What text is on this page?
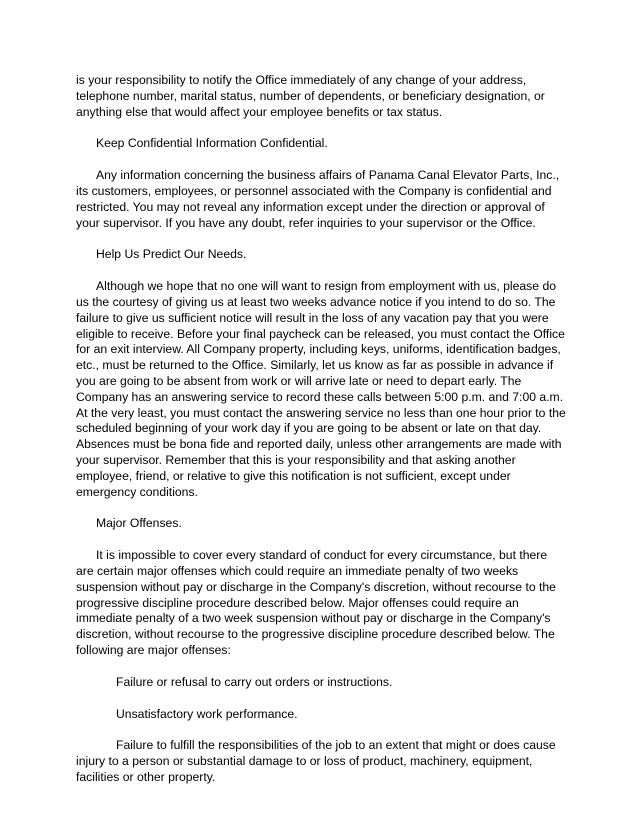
is your responsibility to notify the Office immediately of any change of your address, telephone number, marital status, number of dependents, or beneficiary designation, or anything else that would affect your employee benefits or tax status.

Keep Confidential Information Confidential.

Any information concerning the business affairs of Panama Canal Elevator Parts, Inc., its customers, employees, or personnel associated with the Company is confidential and restricted. You may not reveal any information except under the direction or approval of your supervisor. If you have any doubt, refer inquiries to your supervisor or the Office.

Help Us Predict Our Needs.

Although we hope that no one will want to resign from employment with us, please do us the courtesy of giving us at least two weeks advance notice if you intend to do so. The failure to give us sufficient notice will result in the loss of any vacation pay that you were eligible to receive. Before your final paycheck can be released, you must contact the Office for an exit interview. All Company property, including keys, uniforms, identification badges, etc., must be returned to the Office. Similarly, let us know as far as possible in advance if you are going to be absent from work or will arrive late or need to depart early. The Company has an answering service to record these calls between 5:00 p.m. and 7:00 a.m. At the very least, you must contact the answering service no less than one hour prior to the scheduled beginning of your work day if you are going to be absent or late on that day. Absences must be bona fide and reported daily, unless other arrangements are made with your supervisor. Remember that this is your responsibility and that asking another employee, friend, or relative to give this notification is not sufficient, except under emergency conditions.

Major Offenses.

It is impossible to cover every standard of conduct for every circumstance, but there are certain major offenses which could require an immediate penalty of two weeks suspension without pay or discharge in the Company's discretion, without recourse to the progressive discipline procedure described below. Major offenses could require an immediate penalty of a two week suspension without pay or discharge in the Company's discretion, without recourse to the progressive discipline procedure described below. The following are major offenses:

Failure or refusal to carry out orders or instructions.

Unsatisfactory work performance.

Failure to fulfill the responsibilities of the job to an extent that might or does cause injury to a person or substantial damage to or loss of product, machinery, equipment, facilities or other property.
